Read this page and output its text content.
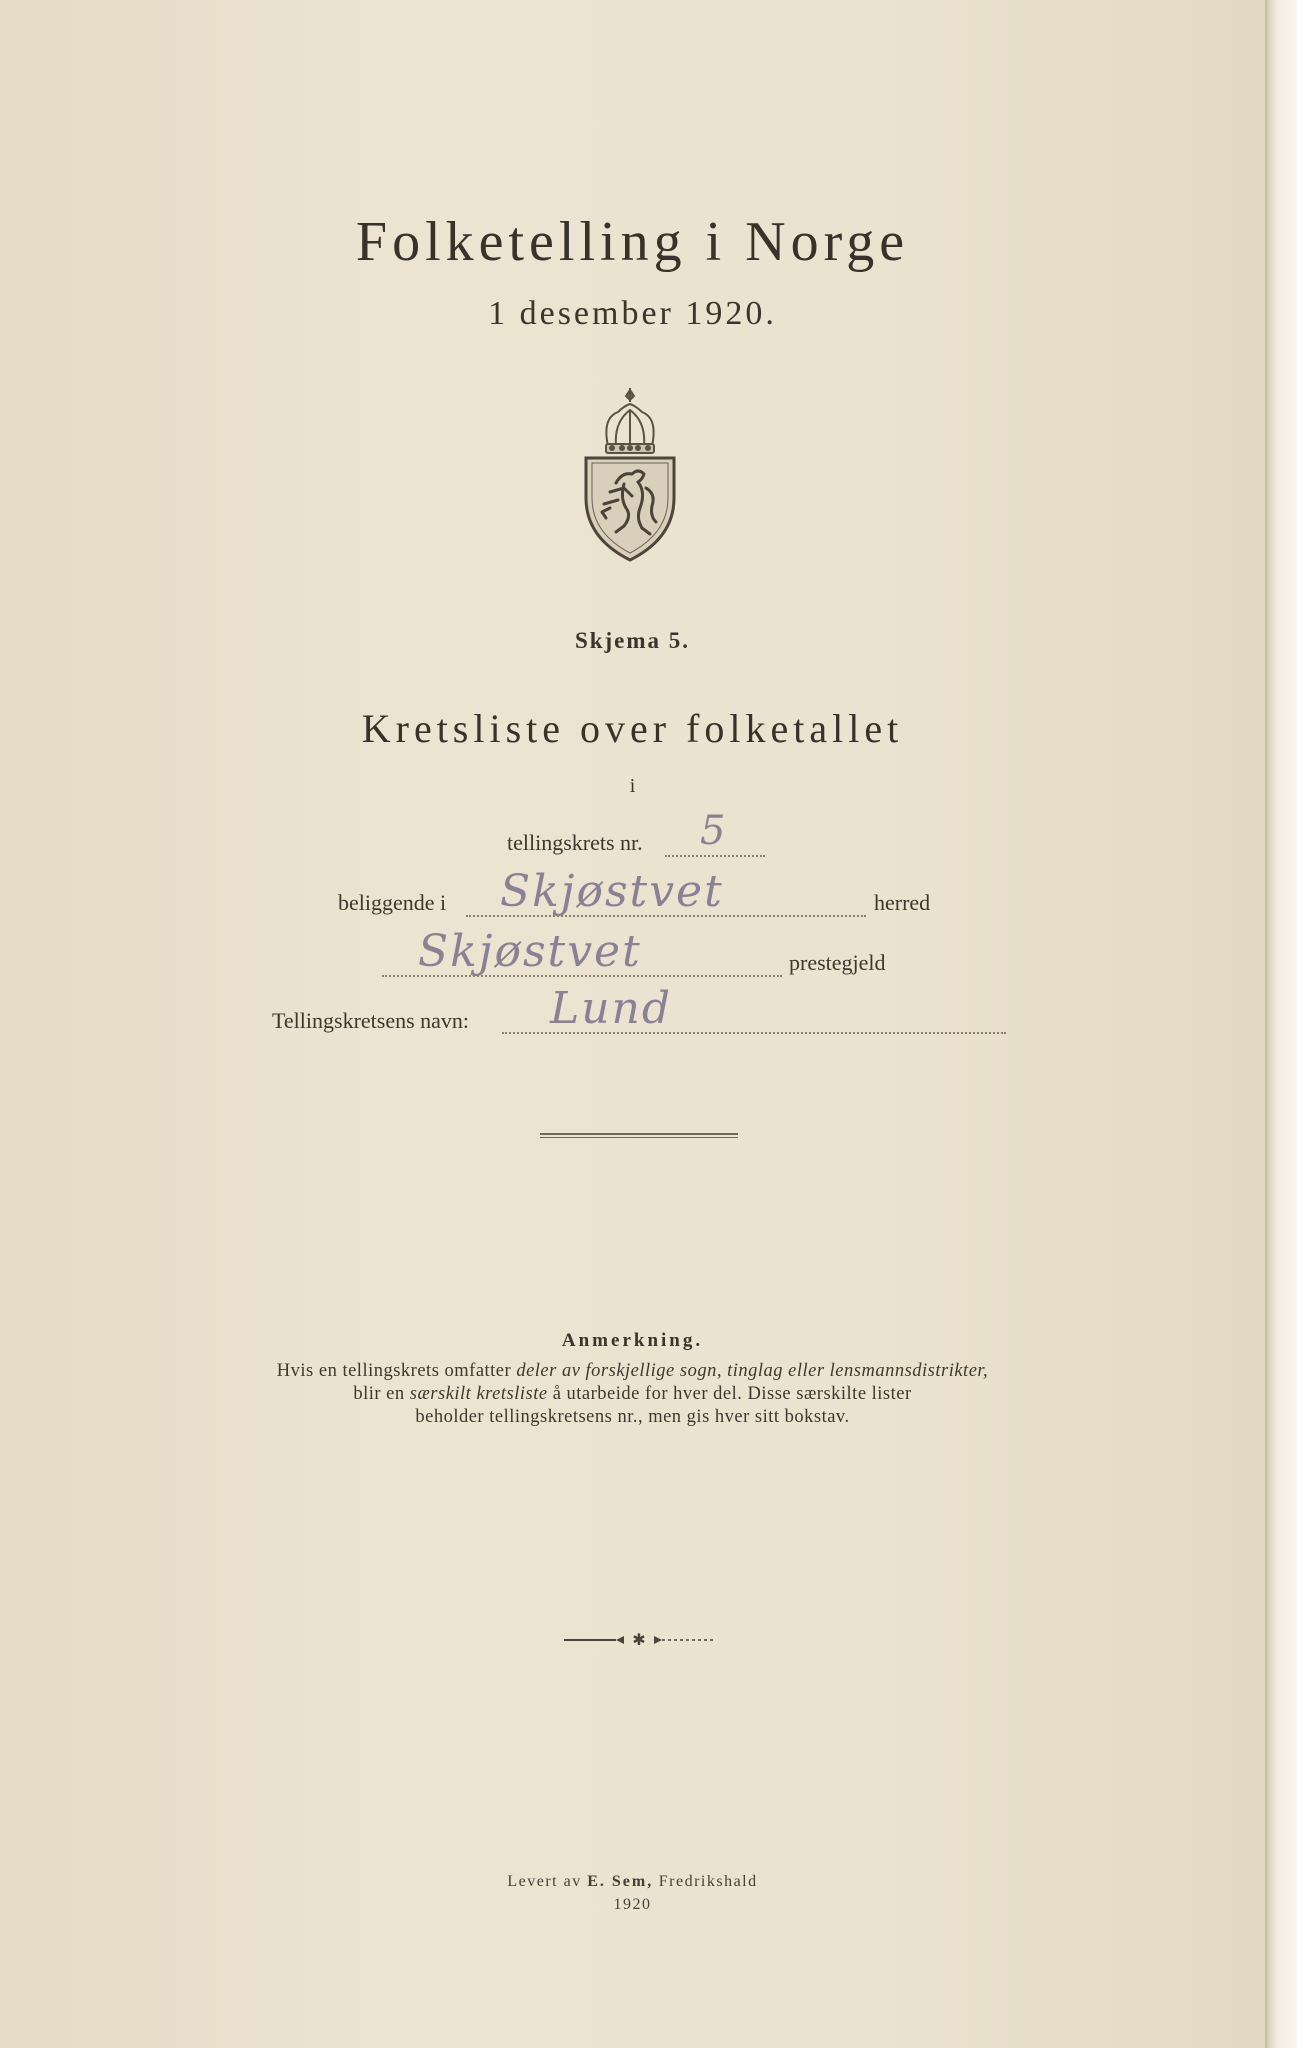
Folketelling i Norge
1 desember 1920.
Skjema 5.
Kretsliste over folketallet
i
tellingskrets nr. 5
beliggende i Skjøstvet	herred
Skjøstvet	prestegjeld
Tellingskretsens navn: Lund
Anmerkning.
Hvis en tellingskrets omfatter deler av forskjellige sogn, tinglag eller lensmannsdistrikter,
blir en særskilt kretsliste å utarbeide for hver del. Disse særskilte lister
beholder tellingskretsens nr., men gis hver sitt bokstav.
✱
Levert av E. Sem, Fredrikshald
1920
